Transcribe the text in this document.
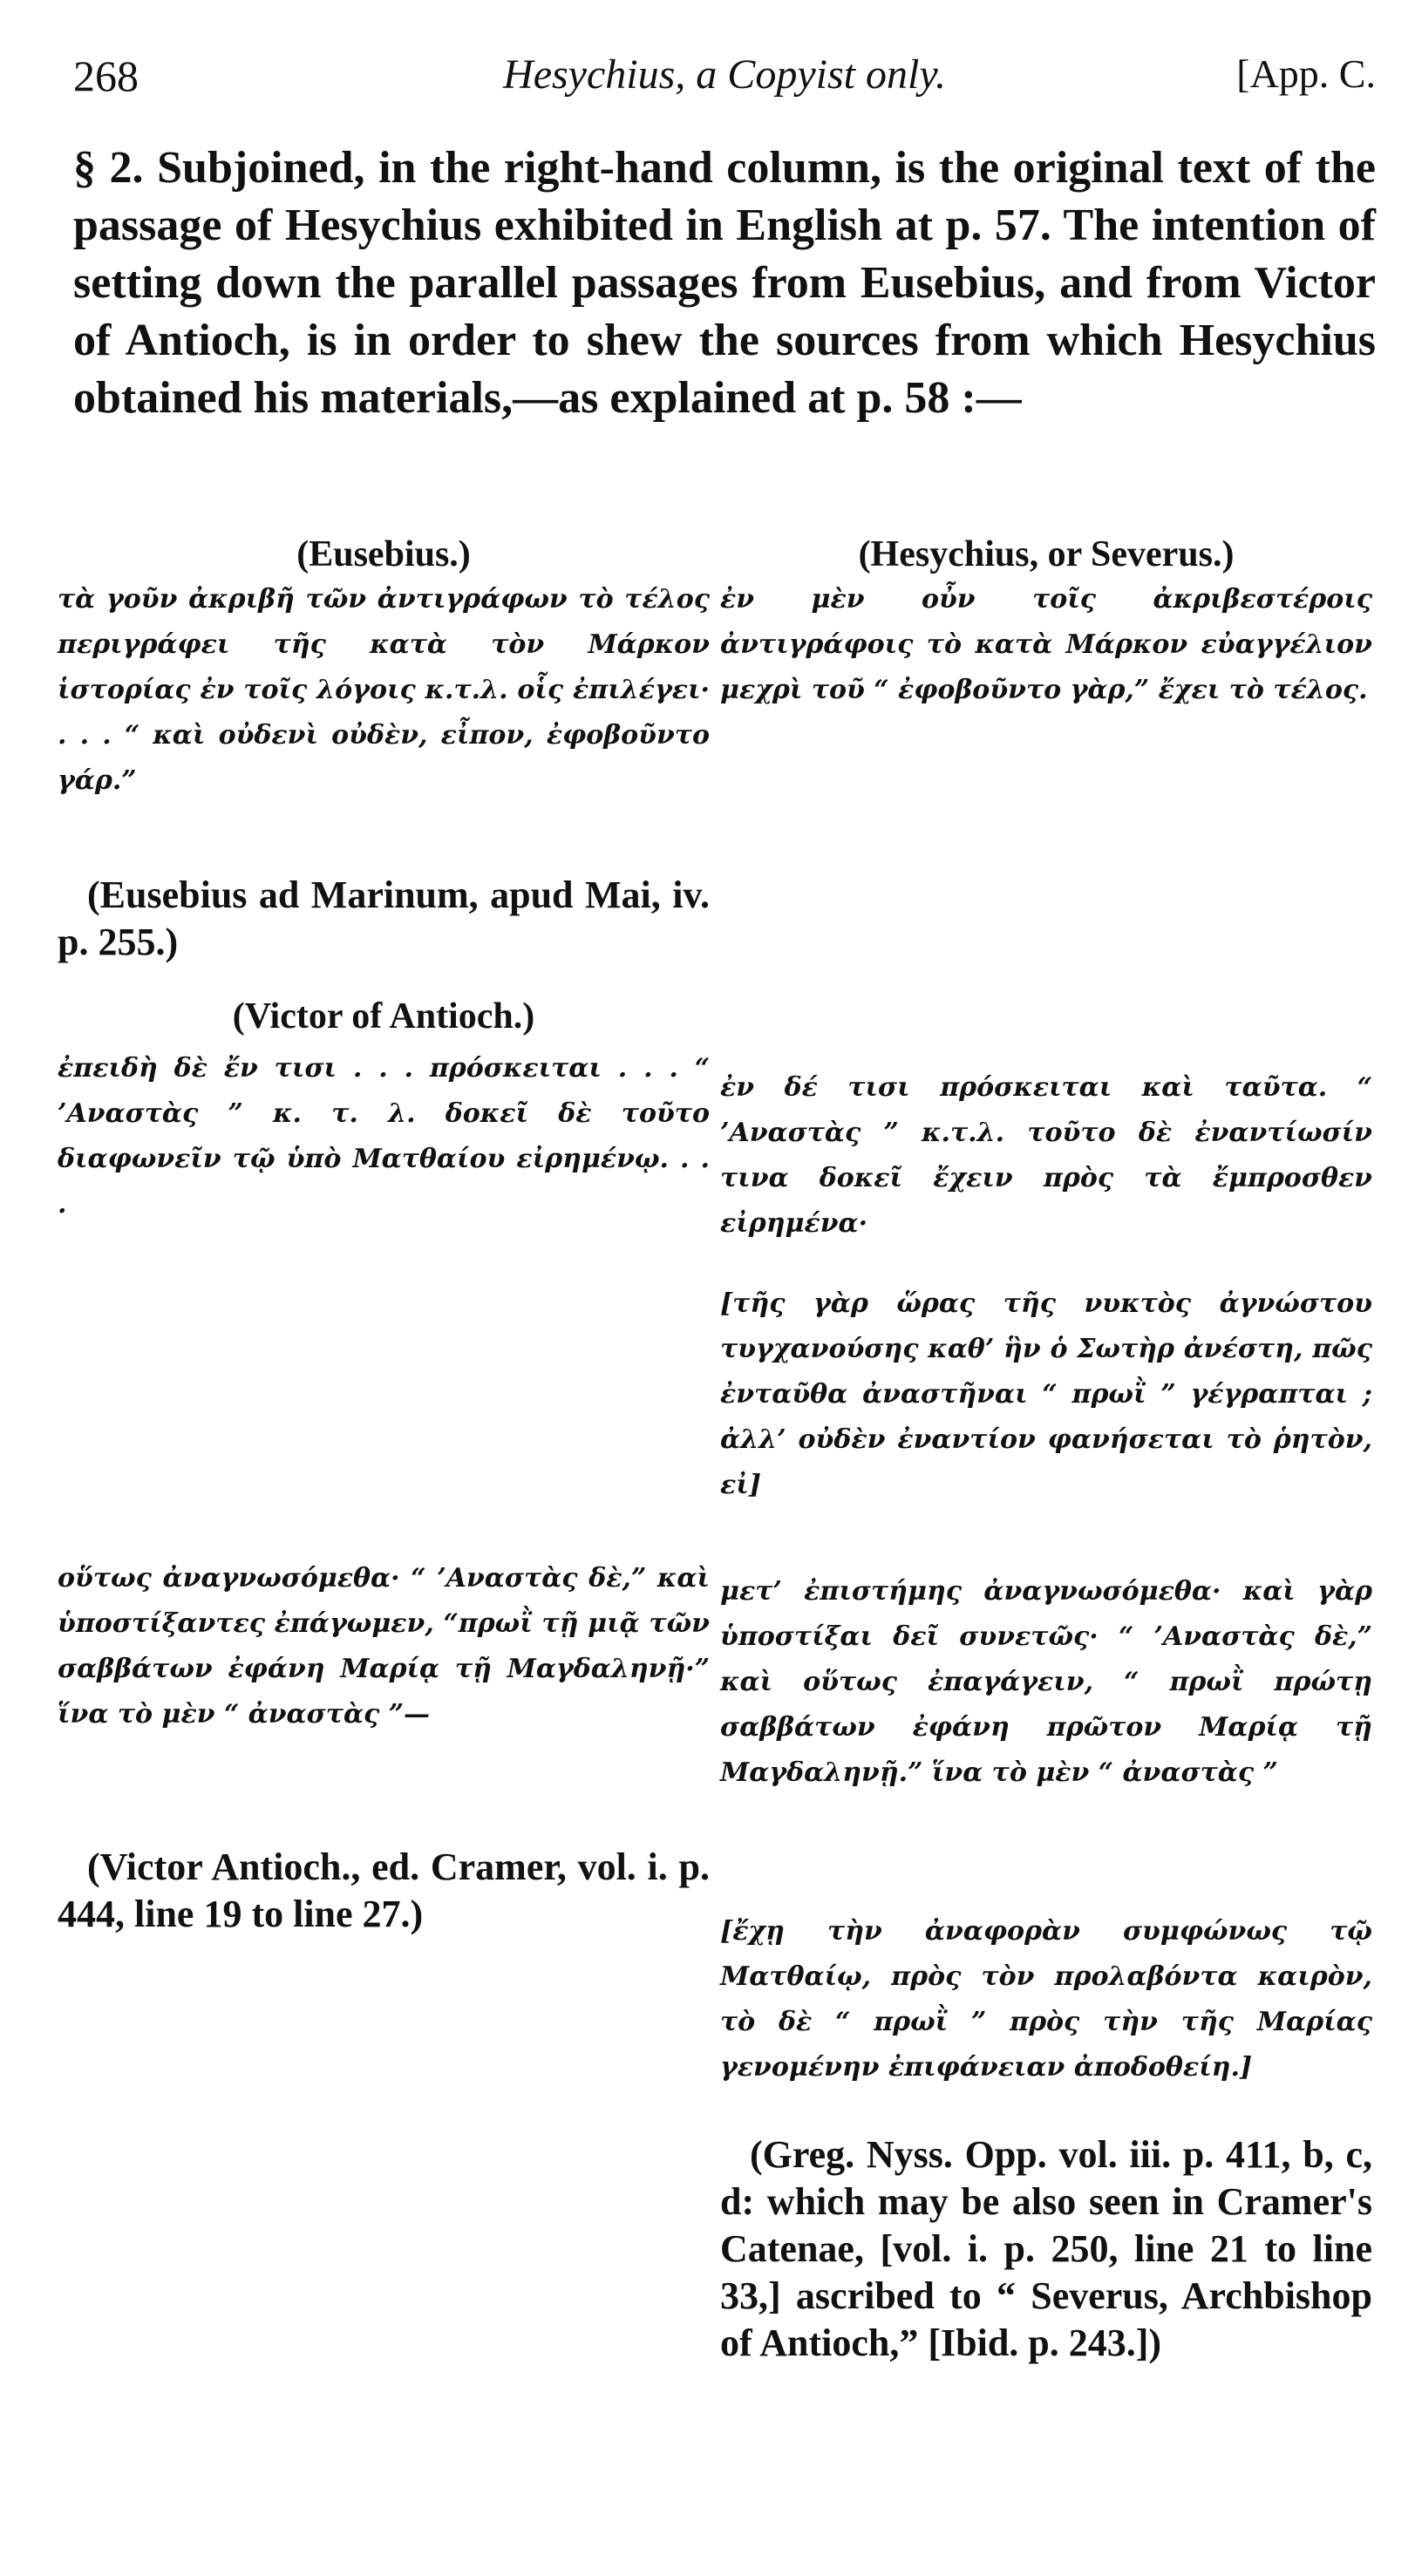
268	Hesychius, a Copyist only.	[App. C.

§ 2. Subjoined, in the right-hand column, is the original text of the passage of Hesychius exhibited in English at p. 57. The intention of setting down the parallel passages from Eusebius, and from Victor of Antioch, is in order to shew the sources from which Hesychius obtained his materials,—as explained at p. 58 :—

(Eusebius.)

τὰ γοῦν ἀκριβῆ τῶν ἀντιγράφων τὸ τέλος περιγράφει τῆς κατὰ τὸν Μάρκον ἱστορίας ἐν τοῖς λόγοις κ.τ.λ. οἷς ἐπιλέγει· . . . “ καὶ οὐδενὶ οὐδὲν, εἶπον, ἐφοβοῦντο γάρ.”

(Eusebius ad Marinum, apud Mai, iv. p. 255.)

(Victor of Antioch.)

ἐπειδὴ δὲ ἔν τισι . . . πρόσκειται . . . “ ’Αναστὰς ” κ. τ. λ. δοκεῖ δὲ τοῦτο διαφωνεῖν τῷ ὑπὸ Ματθαίου εἰρημένῳ. . . .

οὕτως ἀναγνωσόμεθα· “ ’Αναστὰς δὲ,” καὶ ὑποστίξαντες ἐπάγωμεν, “πρωῒ τῇ μιᾷ τῶν σαββάτων ἐφάνη Μαρίᾳ τῇ Μαγδαληνῇ·” ἵνα τὸ μὲν “ ἀναστὰς ”—

(Victor Antioch., ed. Cramer, vol. i. p. 444, line 19 to line 27.)

(Hesychius, or Severus.)

ἐν μὲν οὖν τοῖς ἀκριβεστέροις ἀντιγράφοις τὸ κατὰ Μάρκον εὐαγγέλιον μεχρὶ τοῦ “ ἐφοβοῦντο γὰρ,” ἔχει τὸ τέλος.

ἐν δέ τισι πρόσκειται καὶ ταῦτα. “ ’Αναστὰς ” κ.τ.λ. τοῦτο δὲ ἐναντίωσίν τινα δοκεῖ ἔχειν πρὸς τὰ ἔμπροσθεν εἰρημένα·

[τῆς γὰρ ὥρας τῆς νυκτὸς ἀγνώστου τυγχανούσης καθ’ ἣν ὁ Σωτὴρ ἀνέστη, πῶς ἐνταῦθα ἀναστῆναι “ πρωῒ ” γέγραπται ; ἀλλ’ οὐδὲν ἐναντίον φανήσεται τὸ ῥητὸν, εἰ]

μετ’ ἐπιστήμης ἀναγνωσόμεθα· καὶ γὰρ ὑποστίξαι δεῖ συνετῶς· “ ’Αναστὰς δὲ,” καὶ οὕτως ἐπαγάγειν, “ πρωῒ πρώτῃ σαββάτων ἐφάνη πρῶτον Μαρίᾳ τῇ Μαγδαληνῇ.” ἵνα τὸ μὲν “ ἀναστὰς ”

[ἔχῃ τὴν ἀναφορὰν συμφώνως τῷ Ματθαίῳ, πρὸς τὸν προλαβόντα καιρὸν, τὸ δὲ “ πρωῒ ” πρὸς τὴν τῆς Μαρίας γενομένην ἐπιφάνειαν ἀποδοθείη.]

(Greg. Nyss. Opp. vol. iii. p. 411, b, c, d: which may be also seen in Cramer's Catenae, [vol. i. p. 250, line 21 to line 33,] ascribed to “ Severus, Archbishop of Antioch,” [Ibid. p. 243.])
